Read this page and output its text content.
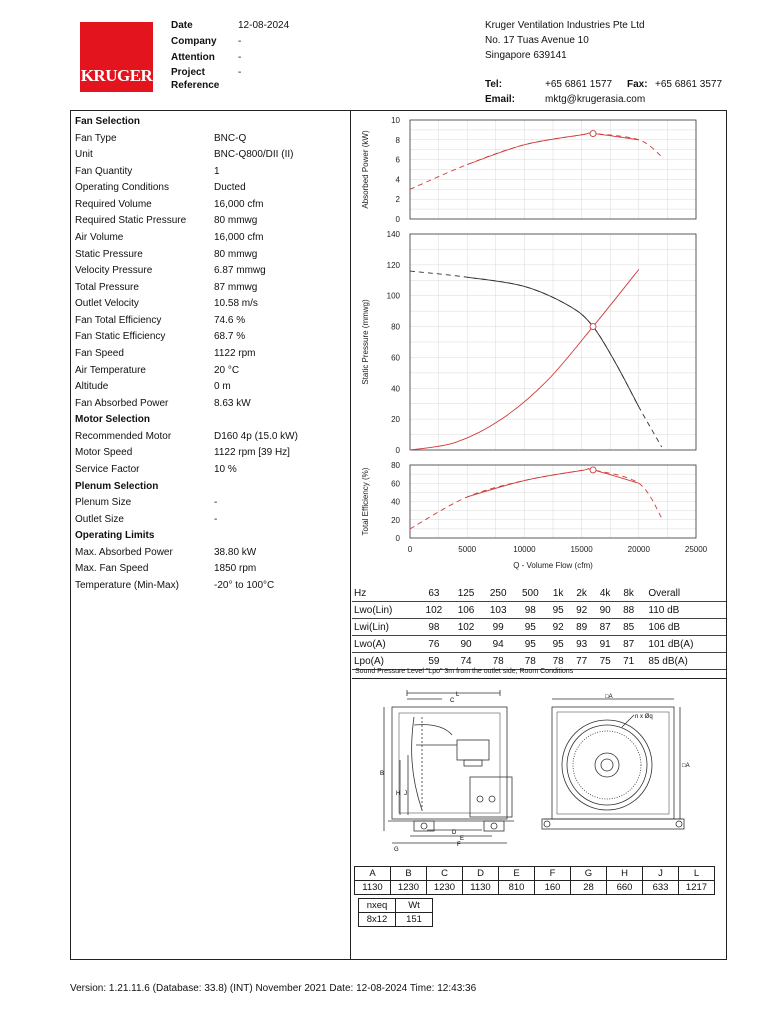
KRUGER
Date	12-08-2024
Company -
Attention -
Project	-
Reference
Kruger Ventilation Industries Pte Ltd
No. 17 Tuas Avenue 10
Singapore 639141
Tel:	+65 6861 1577 Fax: +65 6861 3577
Email:	mktg@krugerasia.com
Fan Selection
Fan Type	BNC-Q
Unit	BNC-Q800/DII (II)
Fan Quantity	1
Operating Conditions	Ducted
Required Volume	16,000 cfm
Required Static Pressure	80 mmwg
Air Volume	16,000 cfm
Static Pressure	80 mmwg
Velocity Pressure	6.87 mmwg
Total Pressure	87 mmwg
Outlet Velocity	10.58 m/s
Fan Total Efficiency	74.6 %
Fan Static Efficiency	68.7 %
Fan Speed	1122 rpm
Air Temperature	20 °C
Altitude	0 m
Fan Absorbed Power	8.63 kW
Motor Selection
Recommended Motor	D160 4p (15.0 kW)
Motor Speed	1122 rpm [39 Hz]
Service Factor	10 %
Plenum Selection
Plenum Size	-
Outlet Size	-
Operating Limits
Max. Absorbed Power	38.80 kW
Max. Fan Speed	1850 rpm
Temperature (Min-Max)	-20° to 100°C
0
2
4
6
8
10
Absorbed Power (kW)
0
20
40
60
80
100
120
140
Static Pressure (mmwg)
0
20
40
60
80
Total Efficiency (%)
0	5000	10000	15000	20000	25000
Q - Volume Flow (cfm)
Hz	63	125	250	500	1k	2k	4k	8k	Overall
Lwo(Lin)	102	106	103	98	95	92	90	88	110 dB
Lwi(Lin)	98	102	99	95	92	89	87	85	106 dB
Lwo(A)	76	90	94	95	95	93	91	87	101 dB(A)
Lpo(A)	59	74	78	78	78	77	75	71	85 dB(A)
Sound Pressure Level "Lpo" 3m from the outlet side, Room Conditions
L
G
F
E
D
H J
B
C
□A
n x Øq
□A
A	B	C	D	E	F	G	H	J	L
1130	1230	1230	1130	810	160	28	660	633	1217
nxeq	Wt
8x12	151
Version: 1.21.11.6 (Database: 33.8) (INT) November 2021 Date: 12-08-2024 Time: 12:43:36
